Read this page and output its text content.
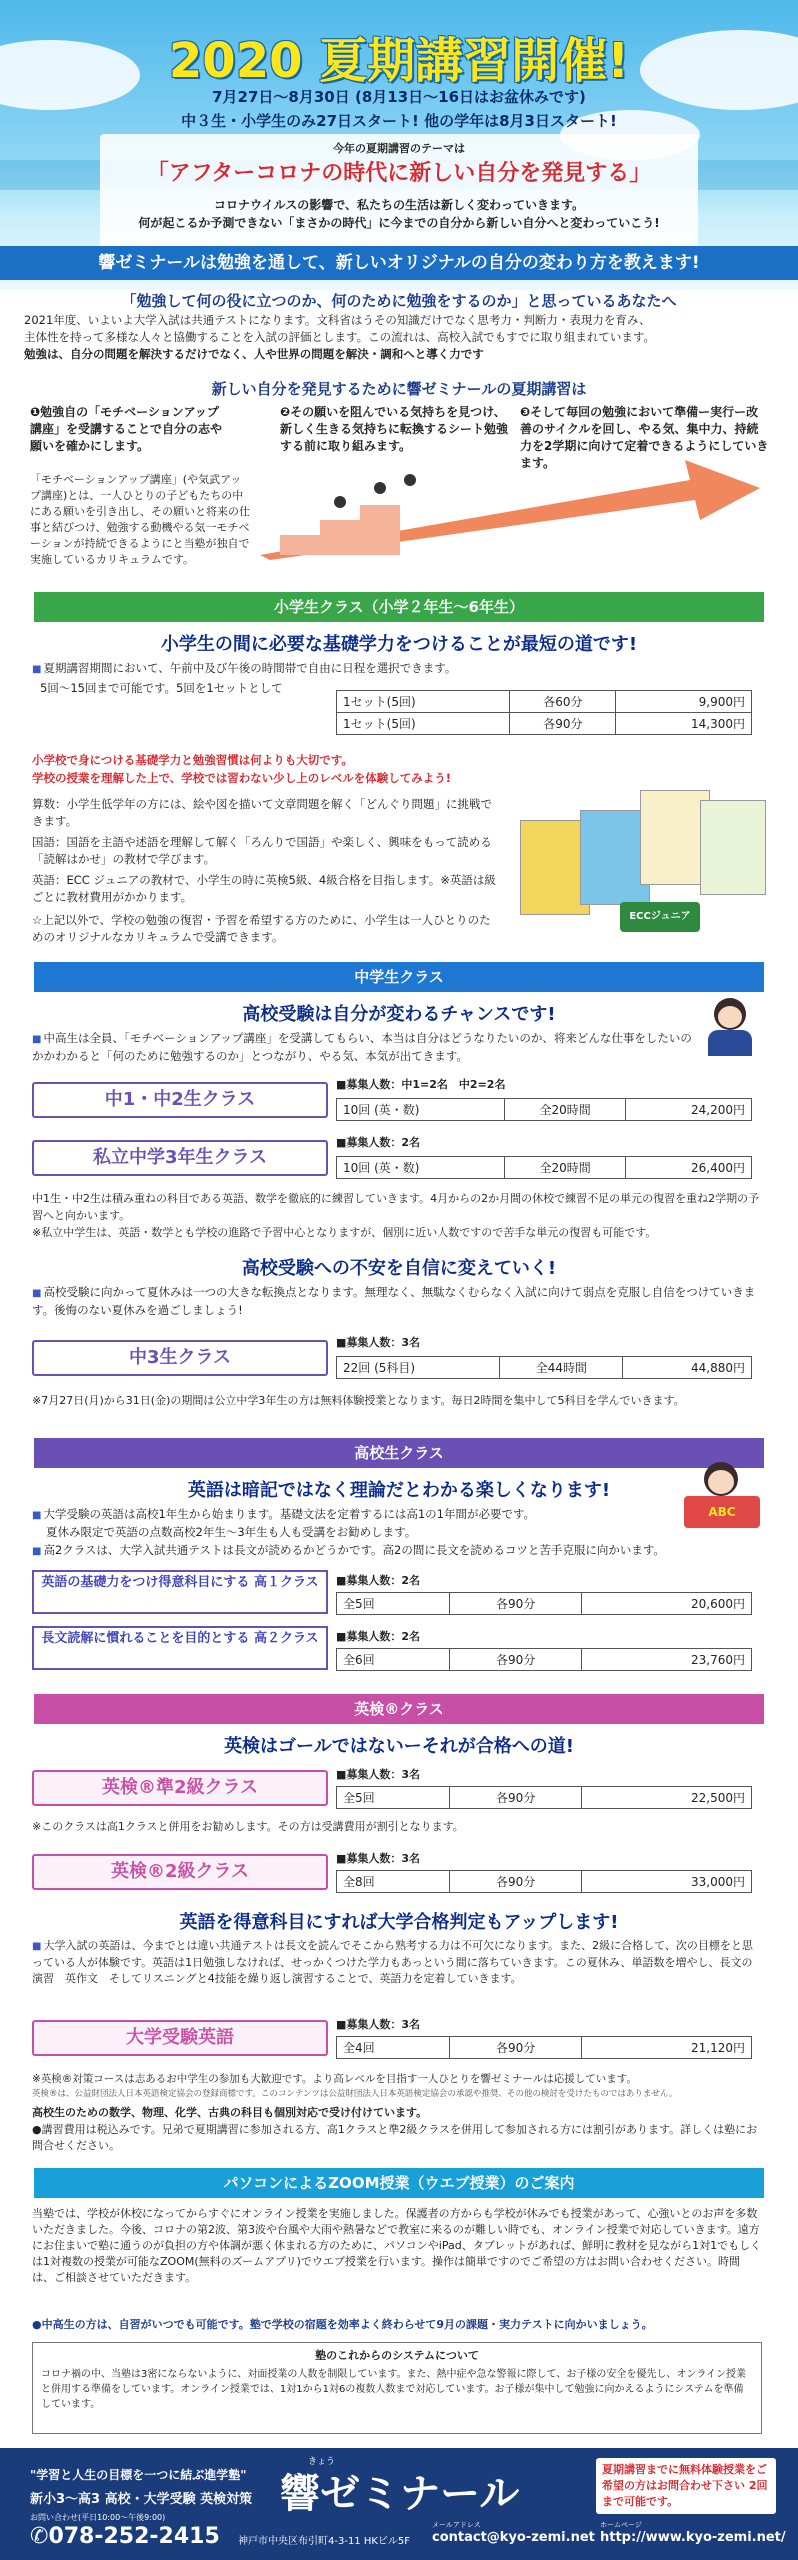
2020 夏期講習開催!
7月27日〜8月30日 (8月13日〜16日はお盆休みです)
中３生・小学生のみ27日スタート! 他の学年は8月3日スタート!
今年の夏期講習のテーマは
「アフターコロナの時代に新しい自分を発見する」
コロナウイルスの影響で、私たちの生活は新しく変わっていきます。
何が起こるか予測できない「まさかの時代」に今までの自分から新しい自分へと変わっていこう!
響ゼミナールは勉強を通して、新しいオリジナルの自分の変わり方を教えます!
「勉強して何の役に立つのか、何のために勉強をするのか」と思っているあなたへ
2021年度、いよいよ大学入試は共通テストになります。文科省はうその知識だけでなく思考力・判断力・表現力を育み、
主体性を持って多様な人々と協働することを入試の評価とします。この流れは、高校入試でもすでに取り組まれています。
勉強は、自分の問題を解決するだけでなく、人や世界の問題を解決・調和へと導く力です
新しい自分を発見するために響ゼミナールの夏期講習は
❶勉強自の「モチベーションアップ講座」を受講することで自分の志や願いを確かにします。
「モチベーションアップ講座」(や気武アップ講座)とは、一人ひとりの子どもたちの中にある願いを引き出し、その願いと将来の仕事と結びつけ、勉強する動機やる気一モチベーションが持続できるようにと当塾が独自で実施しているカリキュラムです。
❷その願いを阻んでいる気持ちを見つけ、新しく生きる気持ちに転換するシート勉強する前に取り組みます。
❸そして毎回の勉強において準備ー実行ー改善のサイクルを回し、やる気、集中力、持続力を2学期に向けて定着できるようにしていきます。
小学生クラス（小学２年生〜6年生）
小学生の間に必要な基礎学力をつけることが最短の道です!
■ 夏期講習期間において、午前中及び午後の時間帯で自由に日程を選択できます。
5回〜15回まで可能です。5回を1セットとして
1セット(5回)	各60分	9,900円
1セット(5回)	各90分	14,300円
小学校で身につける基礎学力と勉強習慣は何よりも大切です。
学校の授業を理解した上で、学校では習わない少し上のレベルを体験してみよう!
算数：小学生低学年の方には、絵や図を描いて文章問題を解く「どんぐり問題」に挑戦できます。
国語：国語を主語や述語を理解して解く「ろんりで国語」や楽しく、興味をもって読める「読解はかせ」の教材で学びます。
英語：ECC ジュニアの教材で、小学生の時に英検5級、4級合格を目指します。※英語は級ごとに教材費用がかかります。
☆上記以外で、学校の勉強の復習・予習を希望する方のために、小学生は一人ひとりのためのオリジナルなカリキュラムで受講できます。
ECCジュニア
中学生クラス
高校受験は自分が変わるチャンスです!
■ 中高生は全員、「モチベーションアップ講座」を受講してもらい、本当は自分はどうなりたいのか、将来どんな仕事をしたいのかかわかると「何のために勉強するのか」とつながり、やる気、本気が出てきます。
中1・中2生クラス
■募集人数：中1=2名　中2=2名
10回 (英・数)	全20時間	24,200円
私立中学3年生クラス
■募集人数：2名
10回 (英・数)	全20時間	26,400円
中1生・中2生は積み重ねの科目である英語、数学を徹底的に練習していきます。4月からの2か月間の休校で練習不足の単元の復習を重ね2学期の予習へと向かいます。
※私立中学生は、英語・数学とも学校の進路で予習中心となりますが、個別に近い人数ですので苦手な単元の復習も可能です。
高校受験への不安を自信に変えていく!
■ 高校受験に向かって夏休みは一つの大きな転換点となります。無理なく、無駄なくむらなく入試に向けて弱点を克服し自信をつけていきます。後悔のない夏休みを過ごしましょう!
中3生クラス
■募集人数：3名
22回 (5科目)	全44時間	44,880円
※7月27日(月)から31日(金)の期間は公立中学3年生の方は無料体験授業となります。毎日2時間を集中して5科目を学んでいきます。
高校生クラス
英語は暗記ではなく理論だとわかる楽しくなります!
ABC
■ 大学受験の英語は高校1年生から始まります。基礎文法を定着するには高1の1年間が必要です。
夏休み限定で英語の点数高校2年生〜3年生も人も受講をお勧めします。
■ 高2クラスは、大学入試共通テストは長文が読めるかどうかです。高2の間に長文を読めるコツと苦手克服に向かいます。
英語の基礎力をつけ得意科目にする 高１クラス	■募集人数：2名
全5回	各90分	20,600円
長文読解に慣れることを目的とする 高２クラス	■募集人数：2名
全6回	各90分	23,760円
英検®クラス
英検はゴールではないーそれが合格への道!
英検®準2級クラス
■募集人数：3名
全5回	各90分	22,500円
※このクラスは高1クラスと併用をお勧めします。その方は受講費用が割引となります。
英検®2級クラス
■募集人数：3名
全8回	各90分	33,000円
英語を得意科目にすれば大学合格判定もアップします!
■ 大学入試の英語は、今までとは違い共通テストは長文を読んでそこから熟考する力は不可欠になります。また、2級に合格して、次の目標をと思っている人が体験です。英語は1日勉強しなければ、せっかくつけた学力もあっという間に落ちていきます。この夏休み、単語数を増やし、長文の演習　英作文　そしてリスニングと4技能を繰り返し演習することで、英語力を定着していきます。
大学受験英語
■募集人数：3名
全4回	各90分	21,120円
※英検®対策コースは志あるお中学生の参加も大歓迎です。より高レベルを目指す一人ひとりを響ゼミナールは応援しています。
英検®は、公益財団法人日本英語検定協会の登録商標です。このコンテンツは公益財団法人日本英語検定協会の承認や推奨、その他の検討を受けたものではありません。
高校生のための数学、物理、化学、古典の科目も個別対応で受け付けています。
●講習費用は税込みです。兄弟で夏期講習に参加される方、高1クラスと準2級クラスを併用して参加される方には割引があります。詳しくは塾にお問合せください。
パソコンによるZOOM授業（ウエブ授業）のご案内
当塾では、学校が休校になってからすぐにオンライン授業を実施しました。保護者の方からも学校が休みでも授業があって、心強いとのお声を多数いただきました。今後、コロナの第2波、第3波や台風や大雨や熱暑などで教室に来るのが難しい時でも、オンライン授業で対応していきます。遠方にお住まいで塾に通うのが負担の方や体調が悪く休まれる方のために、パソコンやiPad、タブレットがあれば、鮮明に教材を見ながら1対1でもしくは1対複数の授業が可能なZOOM(無料のズームアプリ)でウエブ授業を行います。操作は簡単ですのでご希望の方はお問い合わせください。時間は、ご相談させていただきます。
●中高生の方は、自習がいつでも可能です。塾で学校の宿題を効率よく終わらせて9月の課題・実力テストに向かいましょう。
塾のこれからのシステムについて
コロナ禍の中、当塾は3密にならないように、対面授業の人数を制限しています。また、熱中症や急な警報に際して、お子様の安全を優先し、オンライン授業と併用する準備をしています。オンライン授業では、1対1から1対6の複数人数まで対応しています。お子様が集中して勉強に向かえるようにシステムを準備しています。
"学習と人生の目標を一つに結ぶ進学塾"
新小3〜高3 高校・大学受験 英検対策
きょう
響ゼミナール
お問い合わせ(平日10:00〜午後9:00)
✆078-252-2415 神戸市中央区布引町4-3-11 HKビル5F
メールアドレス
contact@kyo-zemi.net
ホームページ
http://www.kyo-zemi.net/
夏期講習までに無料体験授業をご希望の方はお問合わせ下さい 2回まで可能です。
